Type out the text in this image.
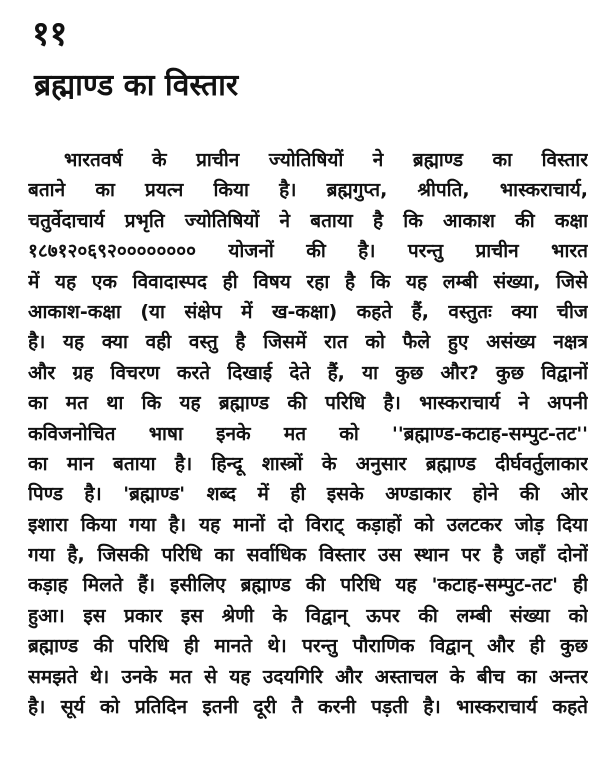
११
ब्रह्माण्ड का विस्तार
भारतवर्ष के प्राचीन ज्योतिषियों ने ब्रह्माण्ड का विस्तार
बताने का प्रयत्न किया है। ब्रह्मगुप्त, श्रीपति, भास्कराचार्य,
चतुर्वेदाचार्य प्रभृति ज्योतिषियों ने बताया है कि आकाश की कक्षा
१८७१२०६९२०००००००० योजनों की है। परन्तु प्राचीन भारत
में यह एक विवादास्पद ही विषय रहा है कि यह लम्बी संख्या, जिसे
आकाश-कक्षा (या संक्षेप में ख-कक्षा) कहते हैं, वस्तुतः क्या चीज
है। यह क्या वही वस्तु है जिसमें रात को फैले हुए असंख्य नक्षत्र
और ग्रह विचरण करते दिखाई देते हैं, या कुछ और? कुछ विद्वानों
का मत था कि यह ब्रह्माण्ड की परिधि है। भास्कराचार्य ने अपनी
कविजनोचित भाषा इनके मत को ''ब्रह्माण्ड-कटाह-सम्पुट-तट''
का मान बताया है। हिन्दू शास्त्रों के अनुसार ब्रह्माण्ड दीर्घवर्तुलाकार
पिण्ड है। 'ब्रह्माण्ड' शब्द में ही इसके अण्डाकार होने की ओर
इशारा किया गया है। यह मानों दो विराट् कड़ाहों को उलटकर जोड़ दिया
गया है, जिसकी परिधि का सर्वाधिक विस्तार उस स्थान पर है जहाँ दोनों
कड़ाह मिलते हैं। इसीलिए ब्रह्माण्ड की परिधि यह 'कटाह-सम्पुट-तट' ही
हुआ। इस प्रकार इस श्रेणी के विद्वान् ऊपर की लम्बी संख्या को
ब्रह्माण्ड की परिधि ही मानते थे। परन्तु पौराणिक विद्वान् और ही कुछ
समझते थे। उनके मत से यह उदयगिरि और अस्ताचल के बीच का अन्तर
है। सूर्य को प्रतिदिन इतनी दूरी तै करनी पड़ती है। भास्कराचार्य कहते
